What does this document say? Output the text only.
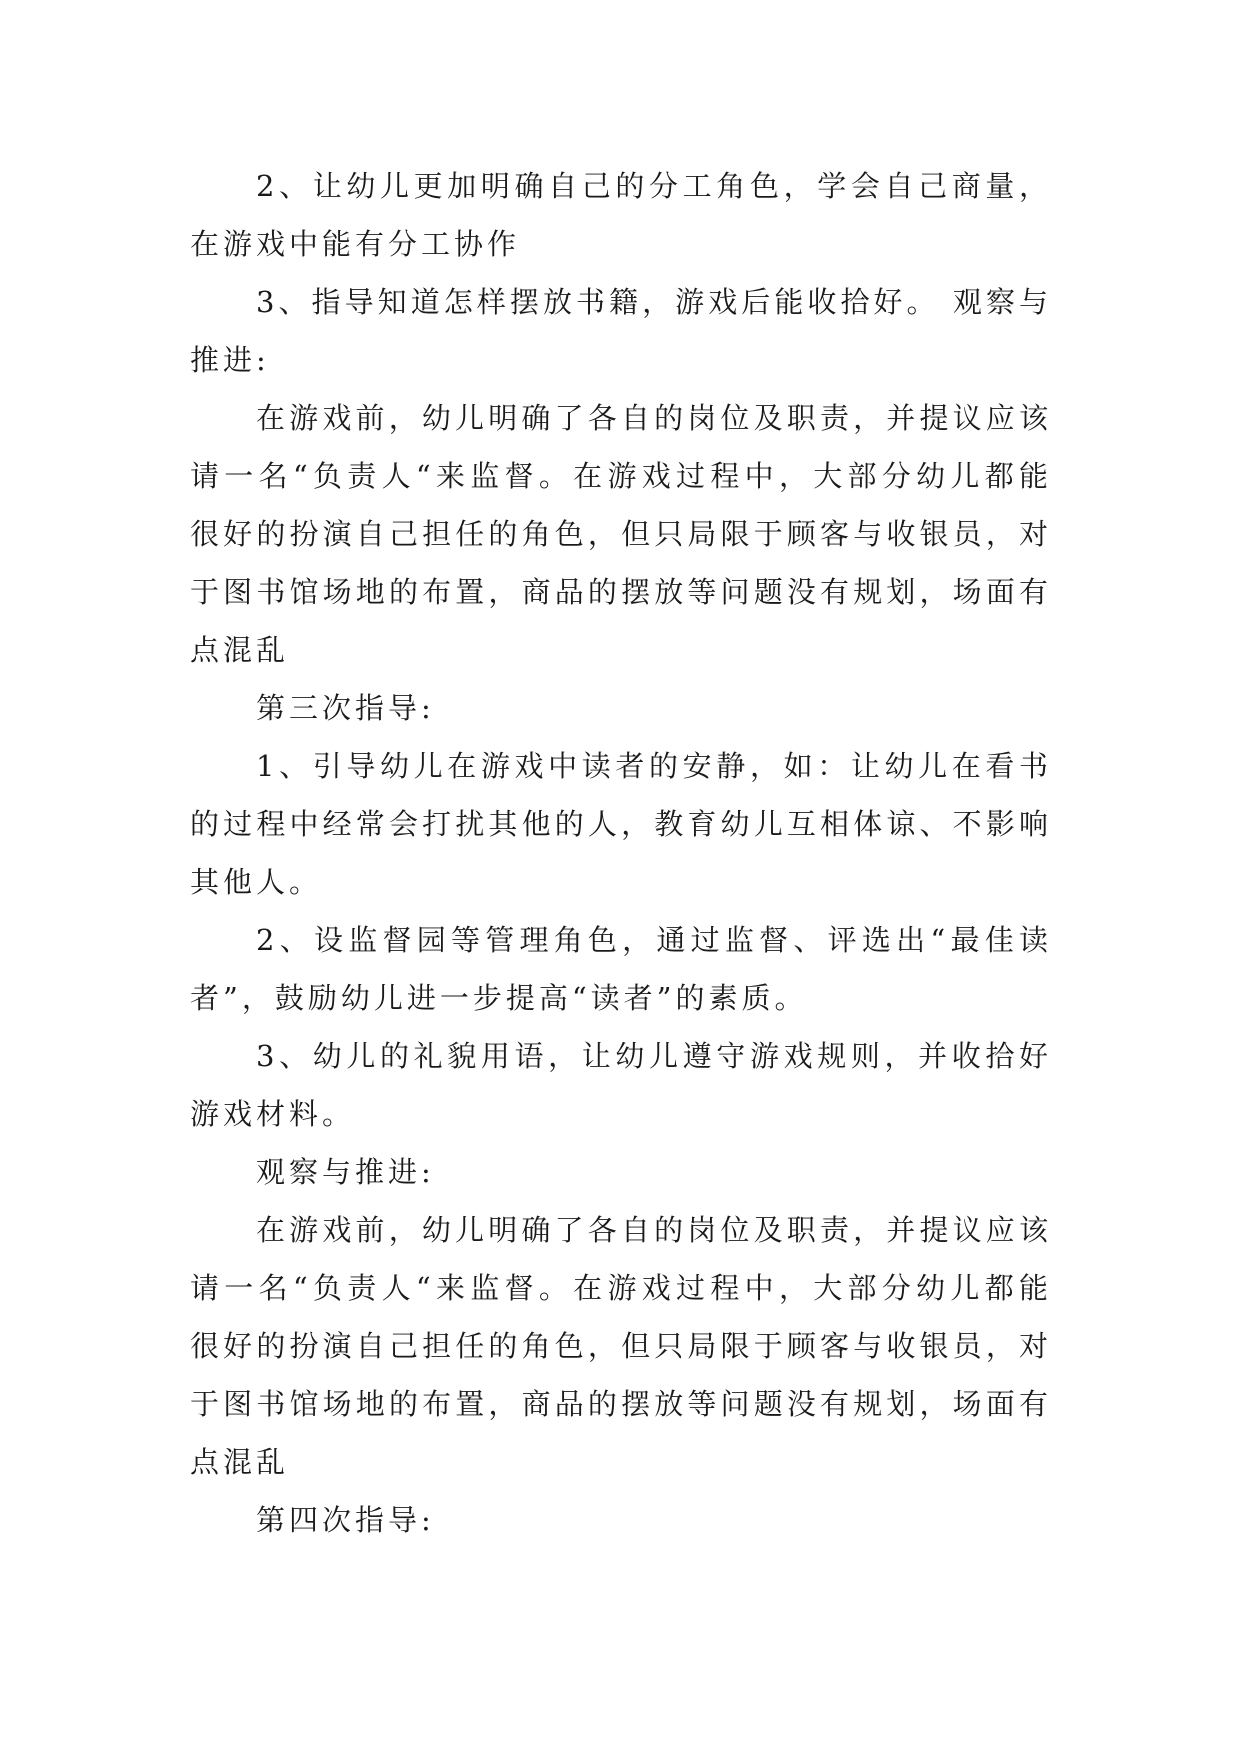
2、让幼儿更加明确自己的分工角色，学会自己商量，在游戏中能有分工协作

3、指导知道怎样摆放书籍，游戏后能收拾好。 观察与推进:

在游戏前，幼儿明确了各自的岗位及职责，并提议应该请一名“负责人“来监督。在游戏过程中，大部分幼儿都能很好的扮演自己担任的角色，但只局限于顾客与收银员，对于图书馆场地的布置，商品的摆放等问题没有规划，场面有点混乱

第三次指导:

1、引导幼儿在游戏中读者的安静，如：让幼儿在看书的过程中经常会打扰其他的人，教育幼儿互相体谅、不影响其他人。

2、设监督园等管理角色，通过监督、评选出“最佳读者”，鼓励幼儿进一步提高“读者”的素质。

3、幼儿的礼貌用语，让幼儿遵守游戏规则，并收拾好游戏材料。

观察与推进:

在游戏前，幼儿明确了各自的岗位及职责，并提议应该请一名“负责人“来监督。在游戏过程中，大部分幼儿都能很好的扮演自己担任的角色，但只局限于顾客与收银员，对于图书馆场地的布置，商品的摆放等问题没有规划，场面有点混乱

第四次指导:
